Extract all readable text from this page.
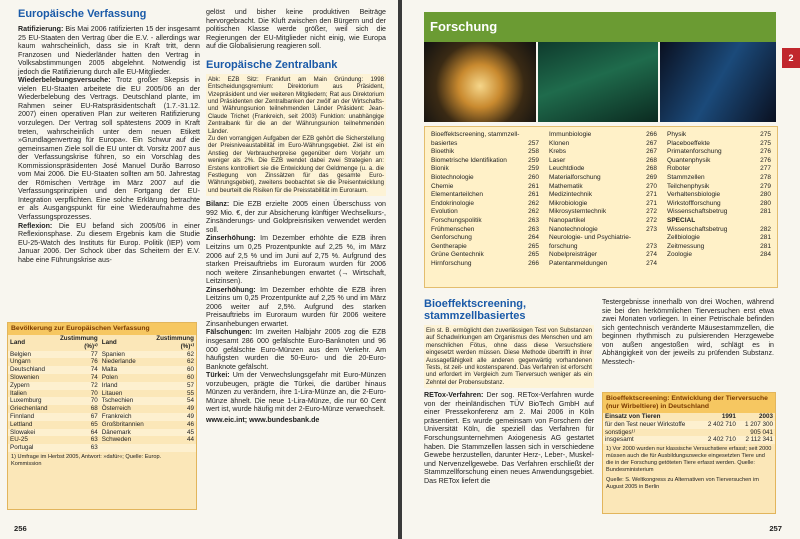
Europäische Verfassung

Ratifizierung: Bis Mai 2006 ratifizierten 15 der insgesamt 25 EU-Staaten den Vertrag über die E.V. - allerdings war kaum wahrscheinlich, dass sie in Kraft tritt, denn Franzosen und Niederländer hatten den Vertrag in Volksabstimmungen 2005 abgelehnt. Notwendig ist jedoch die Ratifizierung durch alle EU-Mitglieder.

Wiederbelebungsversuche: Trotz großer Skepsis in vielen EU-Staaten arbeitete die EU 2005/06 an der Wiederbelebung des Vertrags. Deutschland plante, im Rahmen seiner EU-Ratspräsidentschaft (1.7.-31.12. 2007) einen operativen Plan zur weiteren Ratifizierung vorzulegen. Der Vertrag soll spätestens 2009 in Kraft treten, wahrscheinlich unter dem neuen Etikett »Grundlagenvertrag für Europa«. Ein Schwur auf die gemeinsamen Ziele soll die EU unter dt. Vorsitz 2007 aus der Verfassungskrise führen, so ein Vorschlag des Kommissionspräsidenten José Manuel Durão Barroso vom Mai 2006. Die EU-Staaten sollten am 50. Jahrestag der Römischen Verträge im März 2007 auf die Verfassungsprinzipien und den Fortgang der EU-Integration verpflichten. Eine solche Erklärung betrachte er als Ausgangspunkt für eine Wiederaufnahme des Verfassungsprozesses.

Reflexion: Die EU befand sich 2005/06 in einer Reflexionsphase. Zu diesem Ergebnis kam die Studie EU-25-Watch des Instituts für Europ. Politik (IEP) vom Januar 2006. Der Schock über das Scheitern der E.V. habe eine Führungskrise aus-

Bevölkerung zur Europäischen Verfassung
Land	Zustimmung (%)¹⁾	Land	Zustimmung (%)¹⁾
Belgien	77	Spanien	62
Ungarn	76	Niederlande	62
Deutschland	74	Malta	60
Slowenien	74	Polen	60
Zypern	72	Irland	57
Italien	70	Litauen	55
Luxemburg	70	Tschechien	54
Griechenland	68	Österreich	49
Finnland	67	Frankreich	49
Lettland	65	Großbritannien	46
Slowakei	64	Dänemark	45
EU-25	63	Schweden	44
Portugal	63		
1) Umfrage im Herbst 2005, Antwort: »dafür«; Quelle: Europ. Kommission

gelöst und bisher keine produktiven Beiträge hervorgebracht. Die Kluft zwischen den Bürgern und der politischen Klasse werde größer, weil sich die Regierungen der EU-Mitglieder nicht einig, wie Europa auf die Globalisierung reagieren soll.

Europäische Zentralbank

Abk: EZB Sitz: Frankfurt am Main Gründung: 1998 Entscheidungsgremium: Direktorium aus Präsident, Vizepräsident und vier weiteren Mitgliedern; Rat aus Direktorium und Präsidenten der Zentralbanken der zwölf an der Wirtschafts- und Währungsunion teilnehmenden Länder Präsident: Jean-Claude Trichet (Frankreich, seit 2003) Funktion: unabhängige Zentralbank für die an der Währungsunion teilnehmenden Länder.

Zu den vorrangigen Aufgaben der EZB gehört die Sicherstellung der Preisniveaustabilität im Euro-Währungsgebiet. Ziel ist ein Anstieg der Verbraucherpreise gegenüber dem Vorjahr um weniger als 2%. Die EZB wendet dabei zwei Strategien an: Erstens kontrolliert sie die Entwicklung der Geldmenge (u. a. die Festlegung von Zinssätzen für das gesamte Euro-Währungsgebiet), zweitens beobachtet sie die Preisentwicklung und beurteilt die Risiken für die Preisstabilität im Euroraum.

Bilanz: Die EZB erzielte 2005 einen Überschuss von 992 Mio. €, der zur Absicherung künftiger Wechselkurs-, Zinsänderungs- und Goldpreisrisiken verwendet werden soll.

Zinserhöhung: Im Dezember erhöhte die EZB ihren Leitzins um 0,25 Prozentpunkte auf 2,25 %, im März 2006 auf 2,5 % und im Juni auf 2,75 %. Aufgrund des starken Preisauftriebs im Euroraum wurden für 2006 noch weitere Zinsanhebungen erwartet (→ Wirtschaft, Leitzinsen).

Zinserhöhung: Im Dezember erhöhte die EZB ihren Leitzins um 0,25 Prozentpunkte auf 2,25 % und im März 2006 weiter auf 2,5%. Aufgrund des starken Preisauftriebs im Euroraum wurden für 2006 weitere Zinsanhebungen erwartet.

Fälschungen: Im zweiten Halbjahr 2005 zog die EZB insgesamt 286 000 gefälschte Euro-Banknoten und 96 000 gefälschte Euro-Münzen aus dem Verkehr. Am häufigsten wurden die 50-Euro- und die 20-Euro-Banknote gefälscht.

Türkei: Um der Verwechslungsgefahr mit Euro-Münzen vorzubeugen, prägte die Türkei, die darüber hinaus Münzen zu verändern, ihre 1-Lira-Münze an, die 2-Euro-Münze ähnelt. Die neue 1-Lira-Münze, die nur 60 Cent wert ist, wurde häufig mit der 2-Euro-Münze verwechselt.

www.eic.int; www.bundesbank.de

256
Forschung
2
Bioeffektscreening, stammzell-	
basiertes	257
Bioethik	258
Biometrische Identifikation	259
Bionik	259
Biotechnologie	260
Chemie	261
Elementarteilchen	261
Endokrinologie	262
Evolution	262
Forschungspolitik	263
Frühmenschen	263
Genforschung	264
Gentherapie	265
Grüne Gentechnik	265
Hirnforschung	266
Immunbiologie	266
Klonen	267
Krebs	267
Laser	268
Leuchtdiode	268
Materialforschung	269
Mathematik	270
Medizintechnik	271
Mikrobiologie	271
Mikrosystemtechnik	272
Nanopartikel	272
Nanotechnologie	273
Neurologie- und Psychiatrie-	
forschung	273
Nobelpreisträger	274
Patentanmeldungen	274
Physik	275
Placeboeffekte	275
Primatenforschung	276
Quantenphysik	276
Roboter	277
Stammzellen	278
Teilchenphysik	279
Verhaltensbiologie	280
Wirkstoffforschung	280
Wissenschaftsbetrug	281
SPECIAL	
Wissenschaftsbetrug	282
Zellbiologie	281
Zeitmessung	281
Zoologie	284
Bioeffektscreening,
stammzellbasiertes

Ein st. B. ermöglicht den zuverlässigen Test von Substanzen auf Schadwirkungen am Organismus des Menschen und am menschlichen Fötus, ohne dass diese Versuchstiere eingesetzt werden müssen. Diese Methode übertrifft in ihrer Aussagefähigkeit alle anderen gegenwärtig vorhandenen Tests, ist zeit- und kostensparend. Das Verfahren ist erforscht und erfordert im Vergleich zum Tierversuch weniger als ein Zehntel der Probensubstanz.

RETox-Verfahren: Der sog. RETox-Verfahren wurde von der rheinländischen TÜV BioTech GmbH auf einer Pressekonferenz am 2. Mai 2006 in Köln präsentiert. Es wurde gemeinsam von Forschern der Universität Köln, die speziell das Verfahren für Forschungsunternehmen Axiogenesis AG gestartet haben. Die Stammzellen lassen sich in verschiedene Gewebe herzustellen, darunter Herz-, Leber-, Muskel- und Nervenzellgewebe. Das Verfahren erschließt der Stammzellforschung einen neues Anwendungsgebiet. Das RETox liefert die

Testergebnisse innerhalb von drei Wochen, während sie bei den herkömmlichen Tierversuchen erst etwa zwei Monaten vorliegen. In einer Petrischale befinden sich gentechnisch veränderte Mäusestammzellen, die beginnen rhythmisch zu pulsierenden Herzgewebe von außen angestoßen wird, schlägt es in Abhängigkeit von der jeweils zu prüfenden Substanz. Messtech-

Bioeffektscreening: Entwicklung der Tierversuche (nur Wirbeltiere) in Deutschland
Einsatz von Tieren	1991	2003
für den Test neuer Wirkstoffe	2 402 710	1 207 300
sonstiges¹⁾		905 041
insgesamt	2 402 710	2 112 341
1) Vor 2000 wurden nur klassische Versuchstiere erfasst; seit 2000 müssen auch die für Ausbildungszwecke eingesetzten Tiere und die in der Forschung getöteten Tiere erfasst werden. Quelle: Bundesministerium
Quelle: S. Weltkongress zu Alternativen von Tierversuchen im August 2005 in Berlin
257
